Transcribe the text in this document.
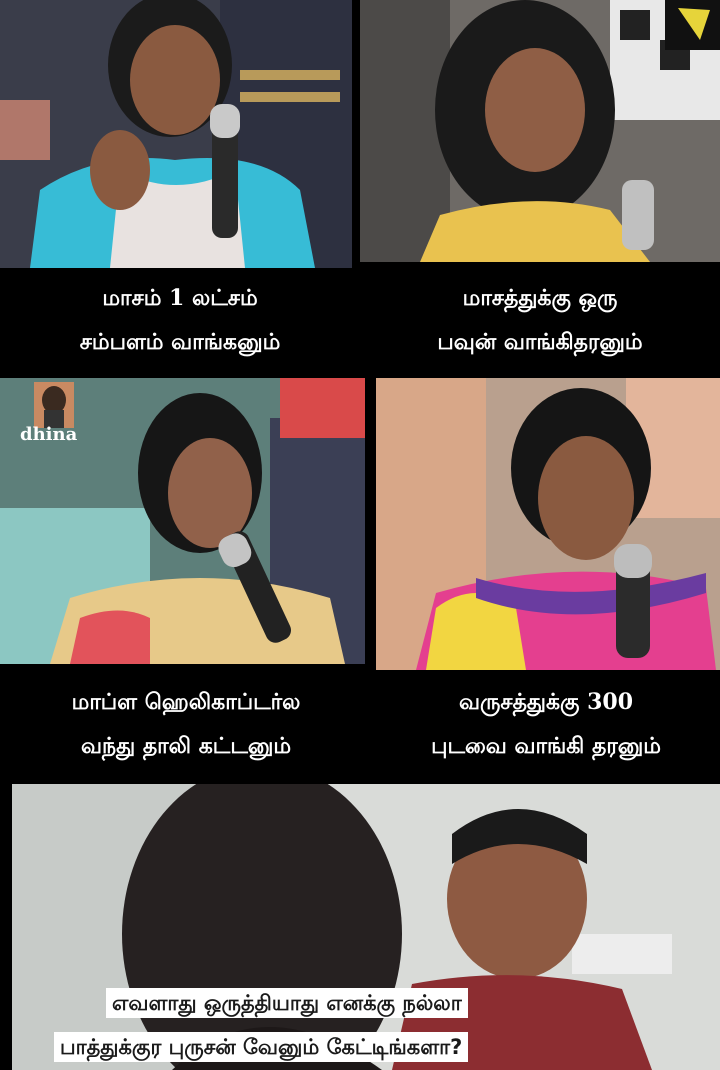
மாசம் 1 லட்சம்
சம்பளம் வாங்கனும்
மாசத்துக்கு ஒரு
பவுன் வாங்கிதரனும்
dhina
மாப்ள ஹெலிகாப்டர்ல
வந்து தாலி கட்டனும்
வருசத்துக்கு 300
புடவை வாங்கி தரனும்
எவளாது ஒருத்தியாது எனக்கு நல்லா
பாத்துக்குர புருசன் வேனும் கேட்டிங்களா?
